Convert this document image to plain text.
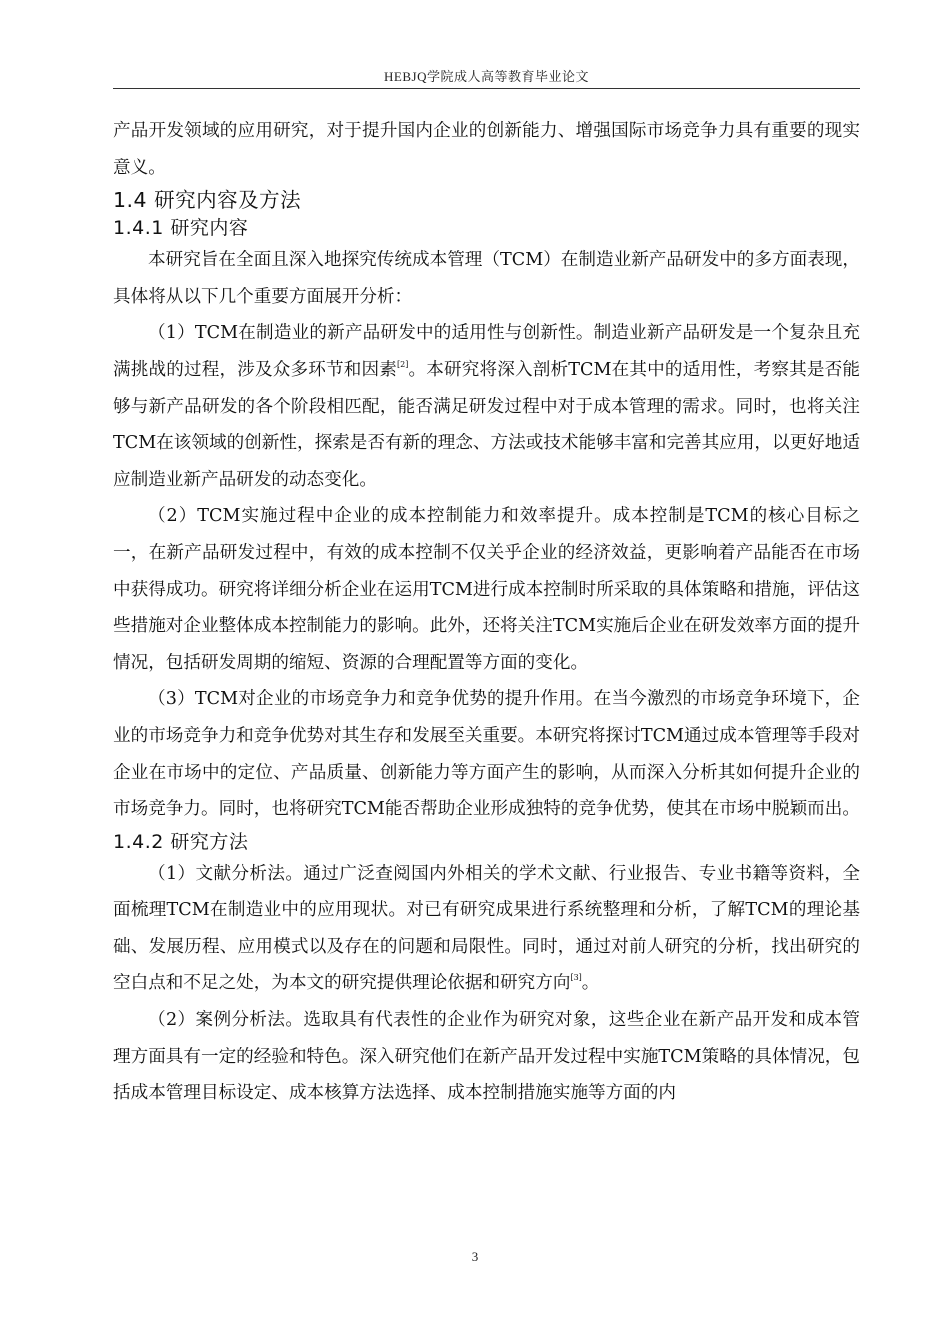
HEBJQ学院成人高等教育毕业论文

产品开发领域的应用研究，对于提升国内企业的创新能力、增强国际市场竞争力具有重要的现实意义。

1.4 研究内容及方法

1.4.1 研究内容

本研究旨在全面且深入地探究传统成本管理（TCM）在制造业新产品研发中的多方面表现，具体将从以下几个重要方面展开分析：

（1）TCM在制造业的新产品研发中的适用性与创新性。制造业新产品研发是一个复杂且充满挑战的过程，涉及众多环节和因素[2]。本研究将深入剖析TCM在其中的适用性，考察其是否能够与新产品研发的各个阶段相匹配，能否满足研发过程中对于成本管理的需求。同时，也将关注TCM在该领域的创新性，探索是否有新的理念、方法或技术能够丰富和完善其应用，以更好地适应制造业新产品研发的动态变化。

（2）TCM实施过程中企业的成本控制能力和效率提升。成本控制是TCM的核心目标之一，在新产品研发过程中，有效的成本控制不仅关乎企业的经济效益，更影响着产品能否在市场中获得成功。研究将详细分析企业在运用TCM进行成本控制时所采取的具体策略和措施，评估这些措施对企业整体成本控制能力的影响。此外，还将关注TCM实施后企业在研发效率方面的提升情况，包括研发周期的缩短、资源的合理配置等方面的变化。

（3）TCM对企业的市场竞争力和竞争优势的提升作用。在当今激烈的市场竞争环境下，企业的市场竞争力和竞争优势对其生存和发展至关重要。本研究将探讨TCM通过成本管理等手段对企业在市场中的定位、产品质量、创新能力等方面产生的影响，从而深入分析其如何提升企业的市场竞争力。同时，也将研究TCM能否帮助企业形成独特的竞争优势，使其在市场中脱颖而出。

1.4.2 研究方法

（1）文献分析法。通过广泛查阅国内外相关的学术文献、行业报告、专业书籍等资料，全面梳理TCM在制造业中的应用现状。对已有研究成果进行系统整理和分析，了解TCM的理论基础、发展历程、应用模式以及存在的问题和局限性。同时，通过对前人研究的分析，找出研究的空白点和不足之处，为本文的研究提供理论依据和研究方向[3]。

（2）案例分析法。选取具有代表性的企业作为研究对象，这些企业在新产品开发和成本管理方面具有一定的经验和特色。深入研究他们在新产品开发过程中实施TCM策略的具体情况，包括成本管理目标设定、成本核算方法选择、成本控制措施实施等方面的内

3
